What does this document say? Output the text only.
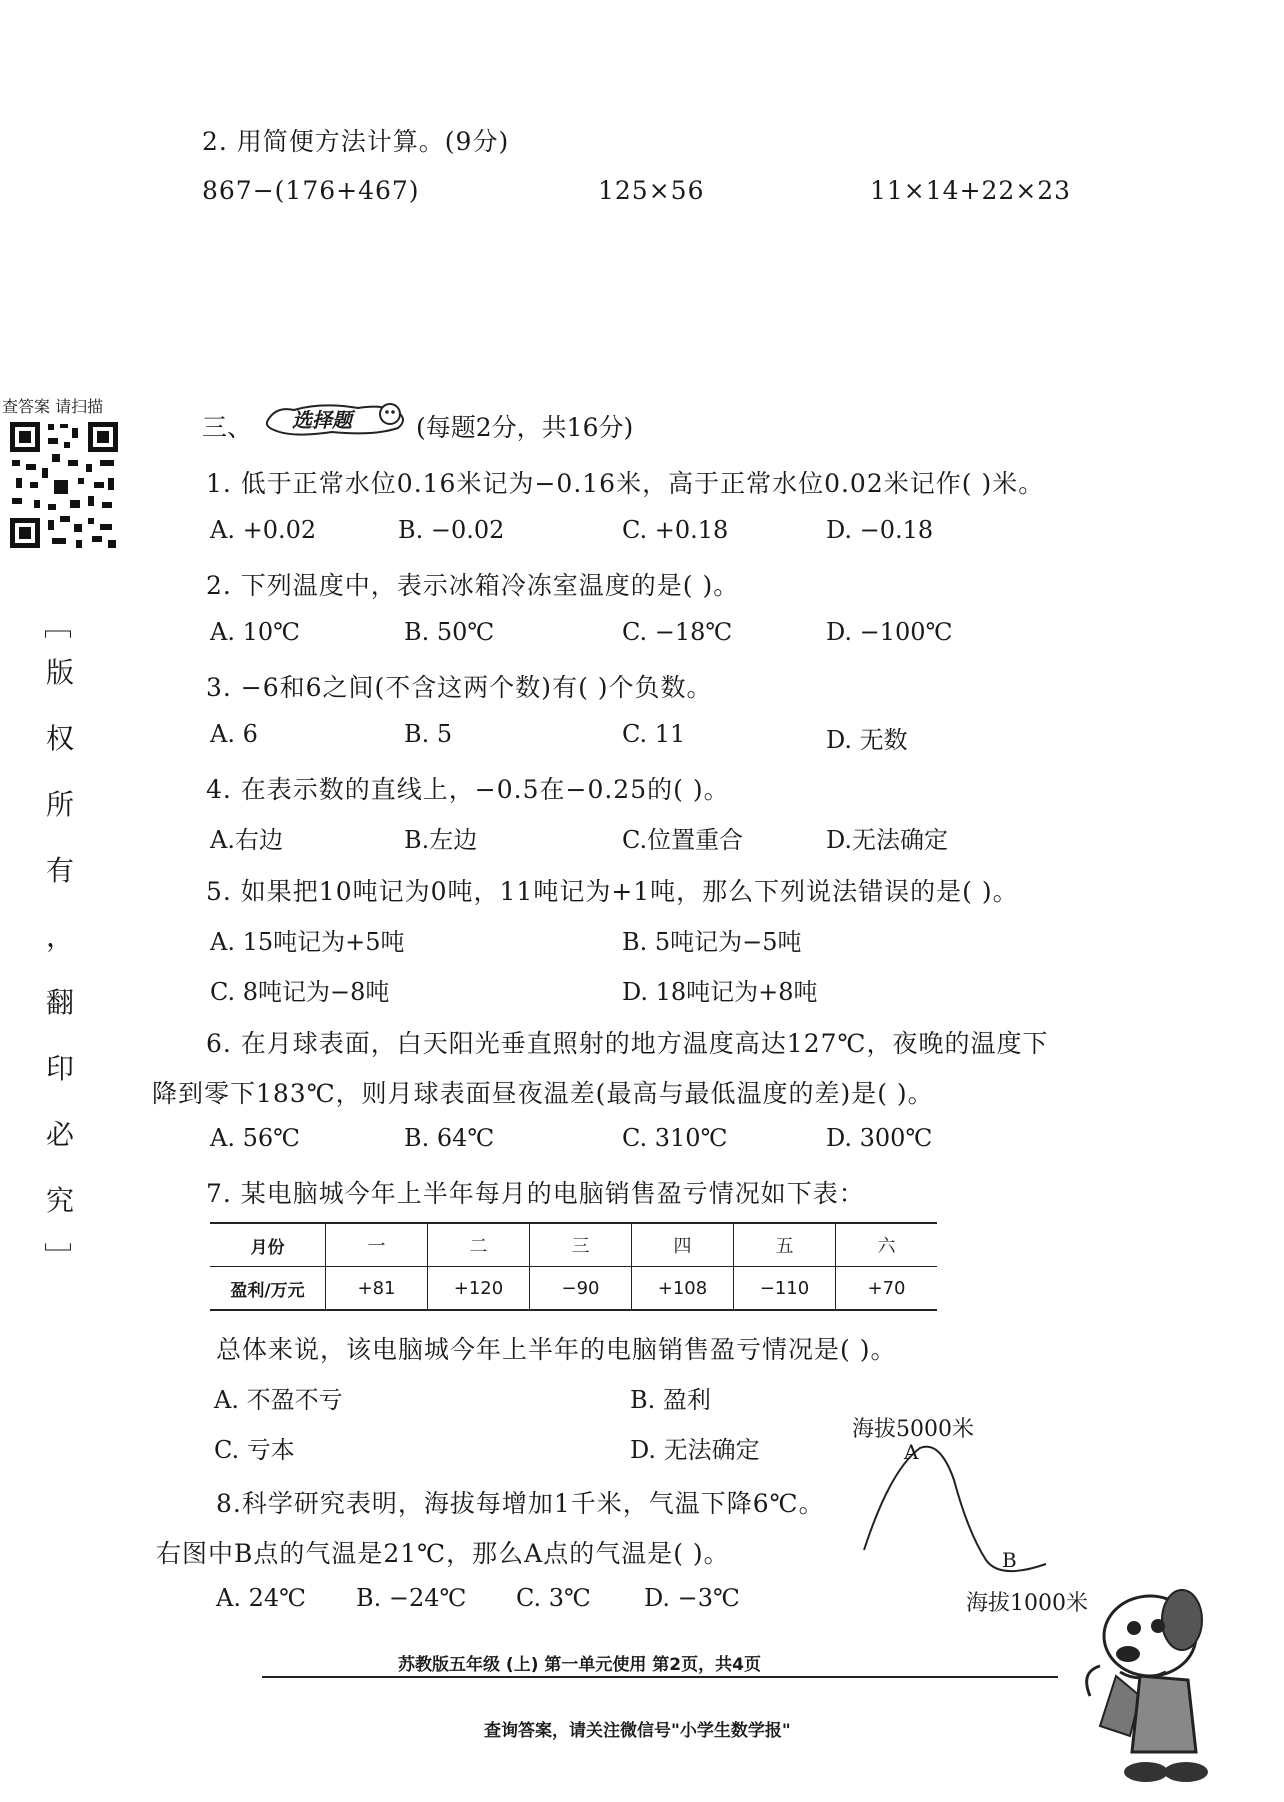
2. 用简便方法计算。(9分)
867−(176+467)	125×56	11×14+22×23
查答案 请扫描
﹇
版
权
所
有
，
翻
印
必
究
﹈
三、 选择题	(每题2分，共16分)
1. 低于正常水位0.16米记为−0.16米，高于正常水位0.02米记作( )米。
A. +0.02	B. −0.02	C. +0.18	D. −0.18
2. 下列温度中，表示冰箱冷冻室温度的是( )。
A. 10℃	B. 50℃	C. −18℃	D. −100℃
3. −6和6之间(不含这两个数)有( )个负数。
A. 6	B. 5	C. 11	D. 无数
4. 在表示数的直线上，−0.5在−0.25的( )。
A.右边	B.左边	C.位置重合	D.无法确定
5. 如果把10吨记为0吨，11吨记为+1吨，那么下列说法错误的是( )。
A. 15吨记为+5吨	B. 5吨记为−5吨
C. 8吨记为−8吨	D. 18吨记为+8吨
6. 在月球表面，白天阳光垂直照射的地方温度高达127℃，夜晚的温度下
降到零下183℃，则月球表面昼夜温差(最高与最低温度的差)是( )。
A. 56℃	B. 64℃	C. 310℃	D. 300℃
7. 某电脑城今年上半年每月的电脑销售盈亏情况如下表：
月份	一	二	三	四	五	六
盈利/万元	+81	+120	−90	+108	−110	+70
总体来说，该电脑城今年上半年的电脑销售盈亏情况是( )。
A. 不盈不亏	B. 盈利
C. 亏本	D. 无法确定
8.科学研究表明，海拔每增加1千米，气温下降6℃。
右图中B点的气温是21℃，那么A点的气温是( )。
A. 24℃ B. −24℃ C. 3℃ D. −3℃
海拔5000米
A
B
海拔1000米
苏教版五年级 (上) 第一单元使用 第2页，共4页
查询答案，请关注微信号"小学生数学报"
